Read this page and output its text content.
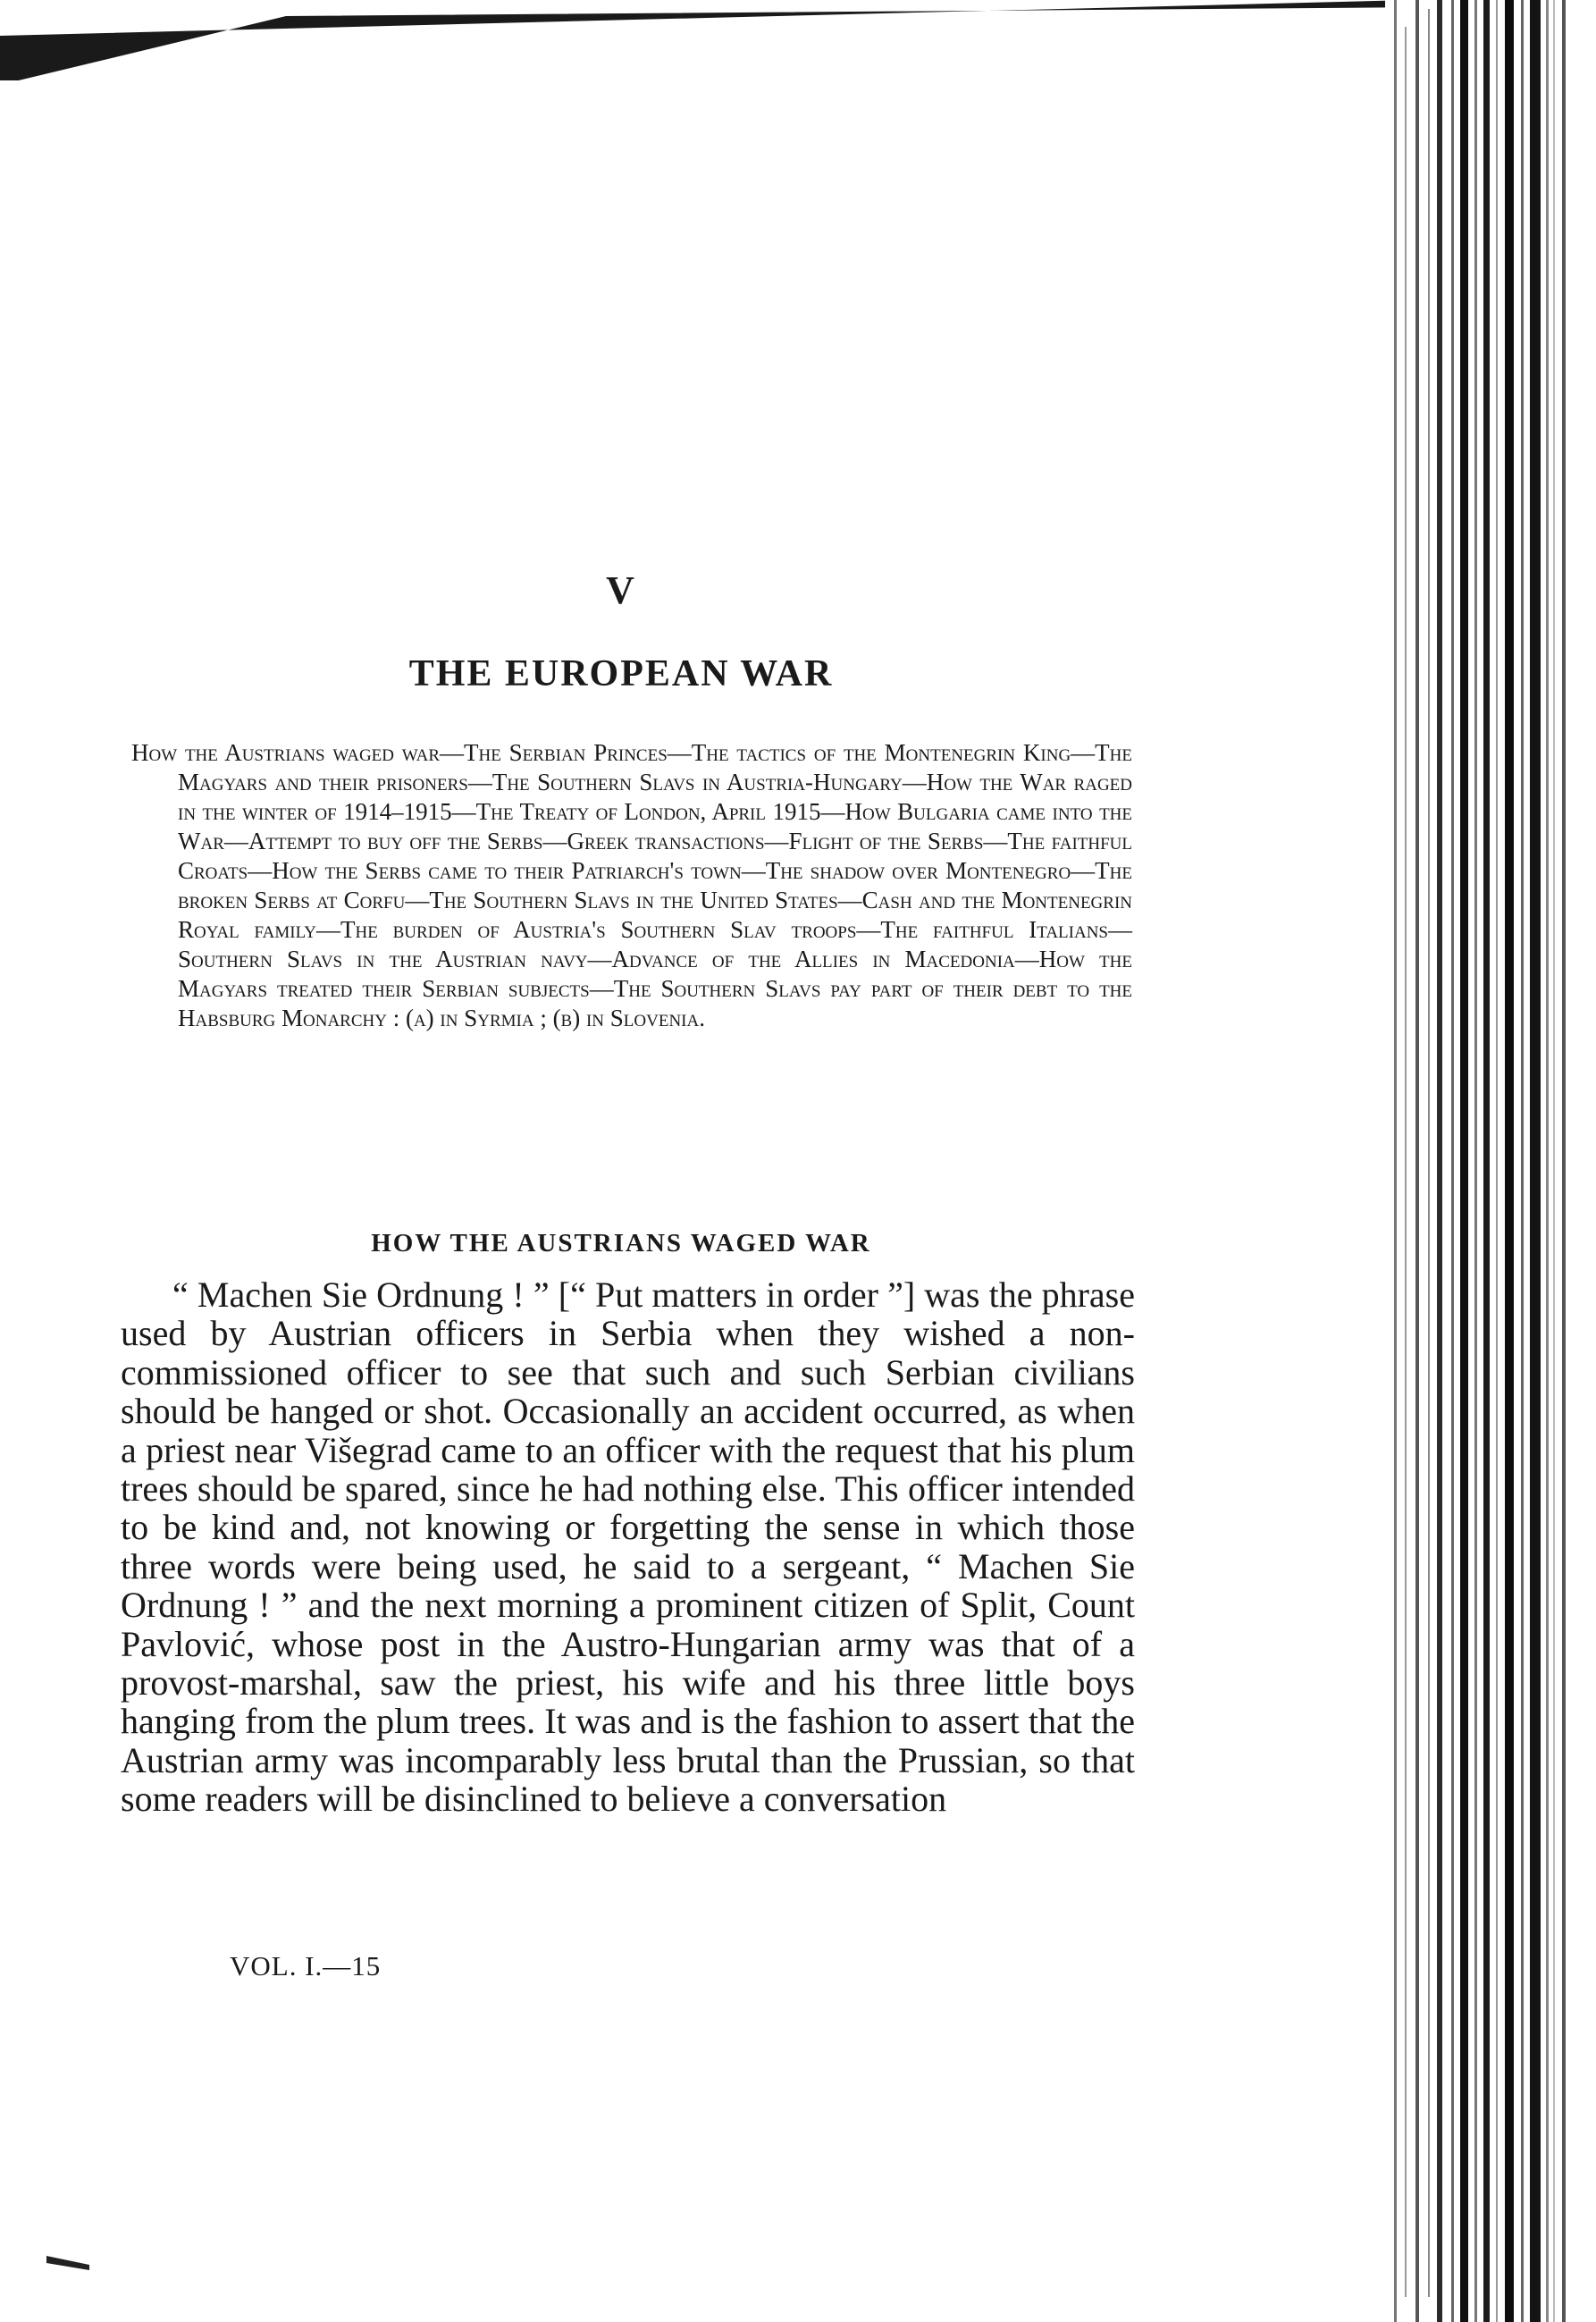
V
THE EUROPEAN WAR

How the Austrians waged war—The Serbian Princes—The tactics of the Montenegrin King—The Magyars and their prisoners—The Southern Slavs in Austria-Hungary—How the War raged in the winter of 1914–1915—The Treaty of London, April 1915—How Bulgaria came into the War—Attempt to buy off the Serbs—Greek transactions—Flight of the Serbs—The faithful Croats—How the Serbs came to their Patriarch's town—The shadow over Montenegro—The broken Serbs at Corfu—The Southern Slavs in the United States—Cash and the Montenegrin Royal family—The burden of Austria's Southern Slav troops—The faithful Italians—Southern Slavs in the Austrian navy—Advance of the Allies in Macedonia—How the Magyars treated their Serbian subjects—The Southern Slavs pay part of their debt to the Habsburg Monarchy : (a) in Syrmia ; (b) in Slovenia.

HOW THE AUSTRIANS WAGED WAR

“ Machen Sie Ordnung ! ” [“ Put matters in order ”] was the phrase used by Austrian officers in Serbia when they wished a non-commissioned officer to see that such and such Serbian civilians should be hanged or shot. Occasionally an accident occurred, as when a priest near Višegrad came to an officer with the request that his plum trees should be spared, since he had nothing else. This officer intended to be kind and, not knowing or forgetting the sense in which those three words were being used, he said to a sergeant, “ Machen Sie Ordnung ! ” and the next morning a prominent citizen of Split, Count Pavlović, whose post in the Austro-Hungarian army was that of a provost-marshal, saw the priest, his wife and his three little boys hanging from the plum trees. It was and is the fashion to assert that the Austrian army was incomparably less brutal than the Prussian, so that some readers will be disinclined to believe a conversation

VOL. I.—15
